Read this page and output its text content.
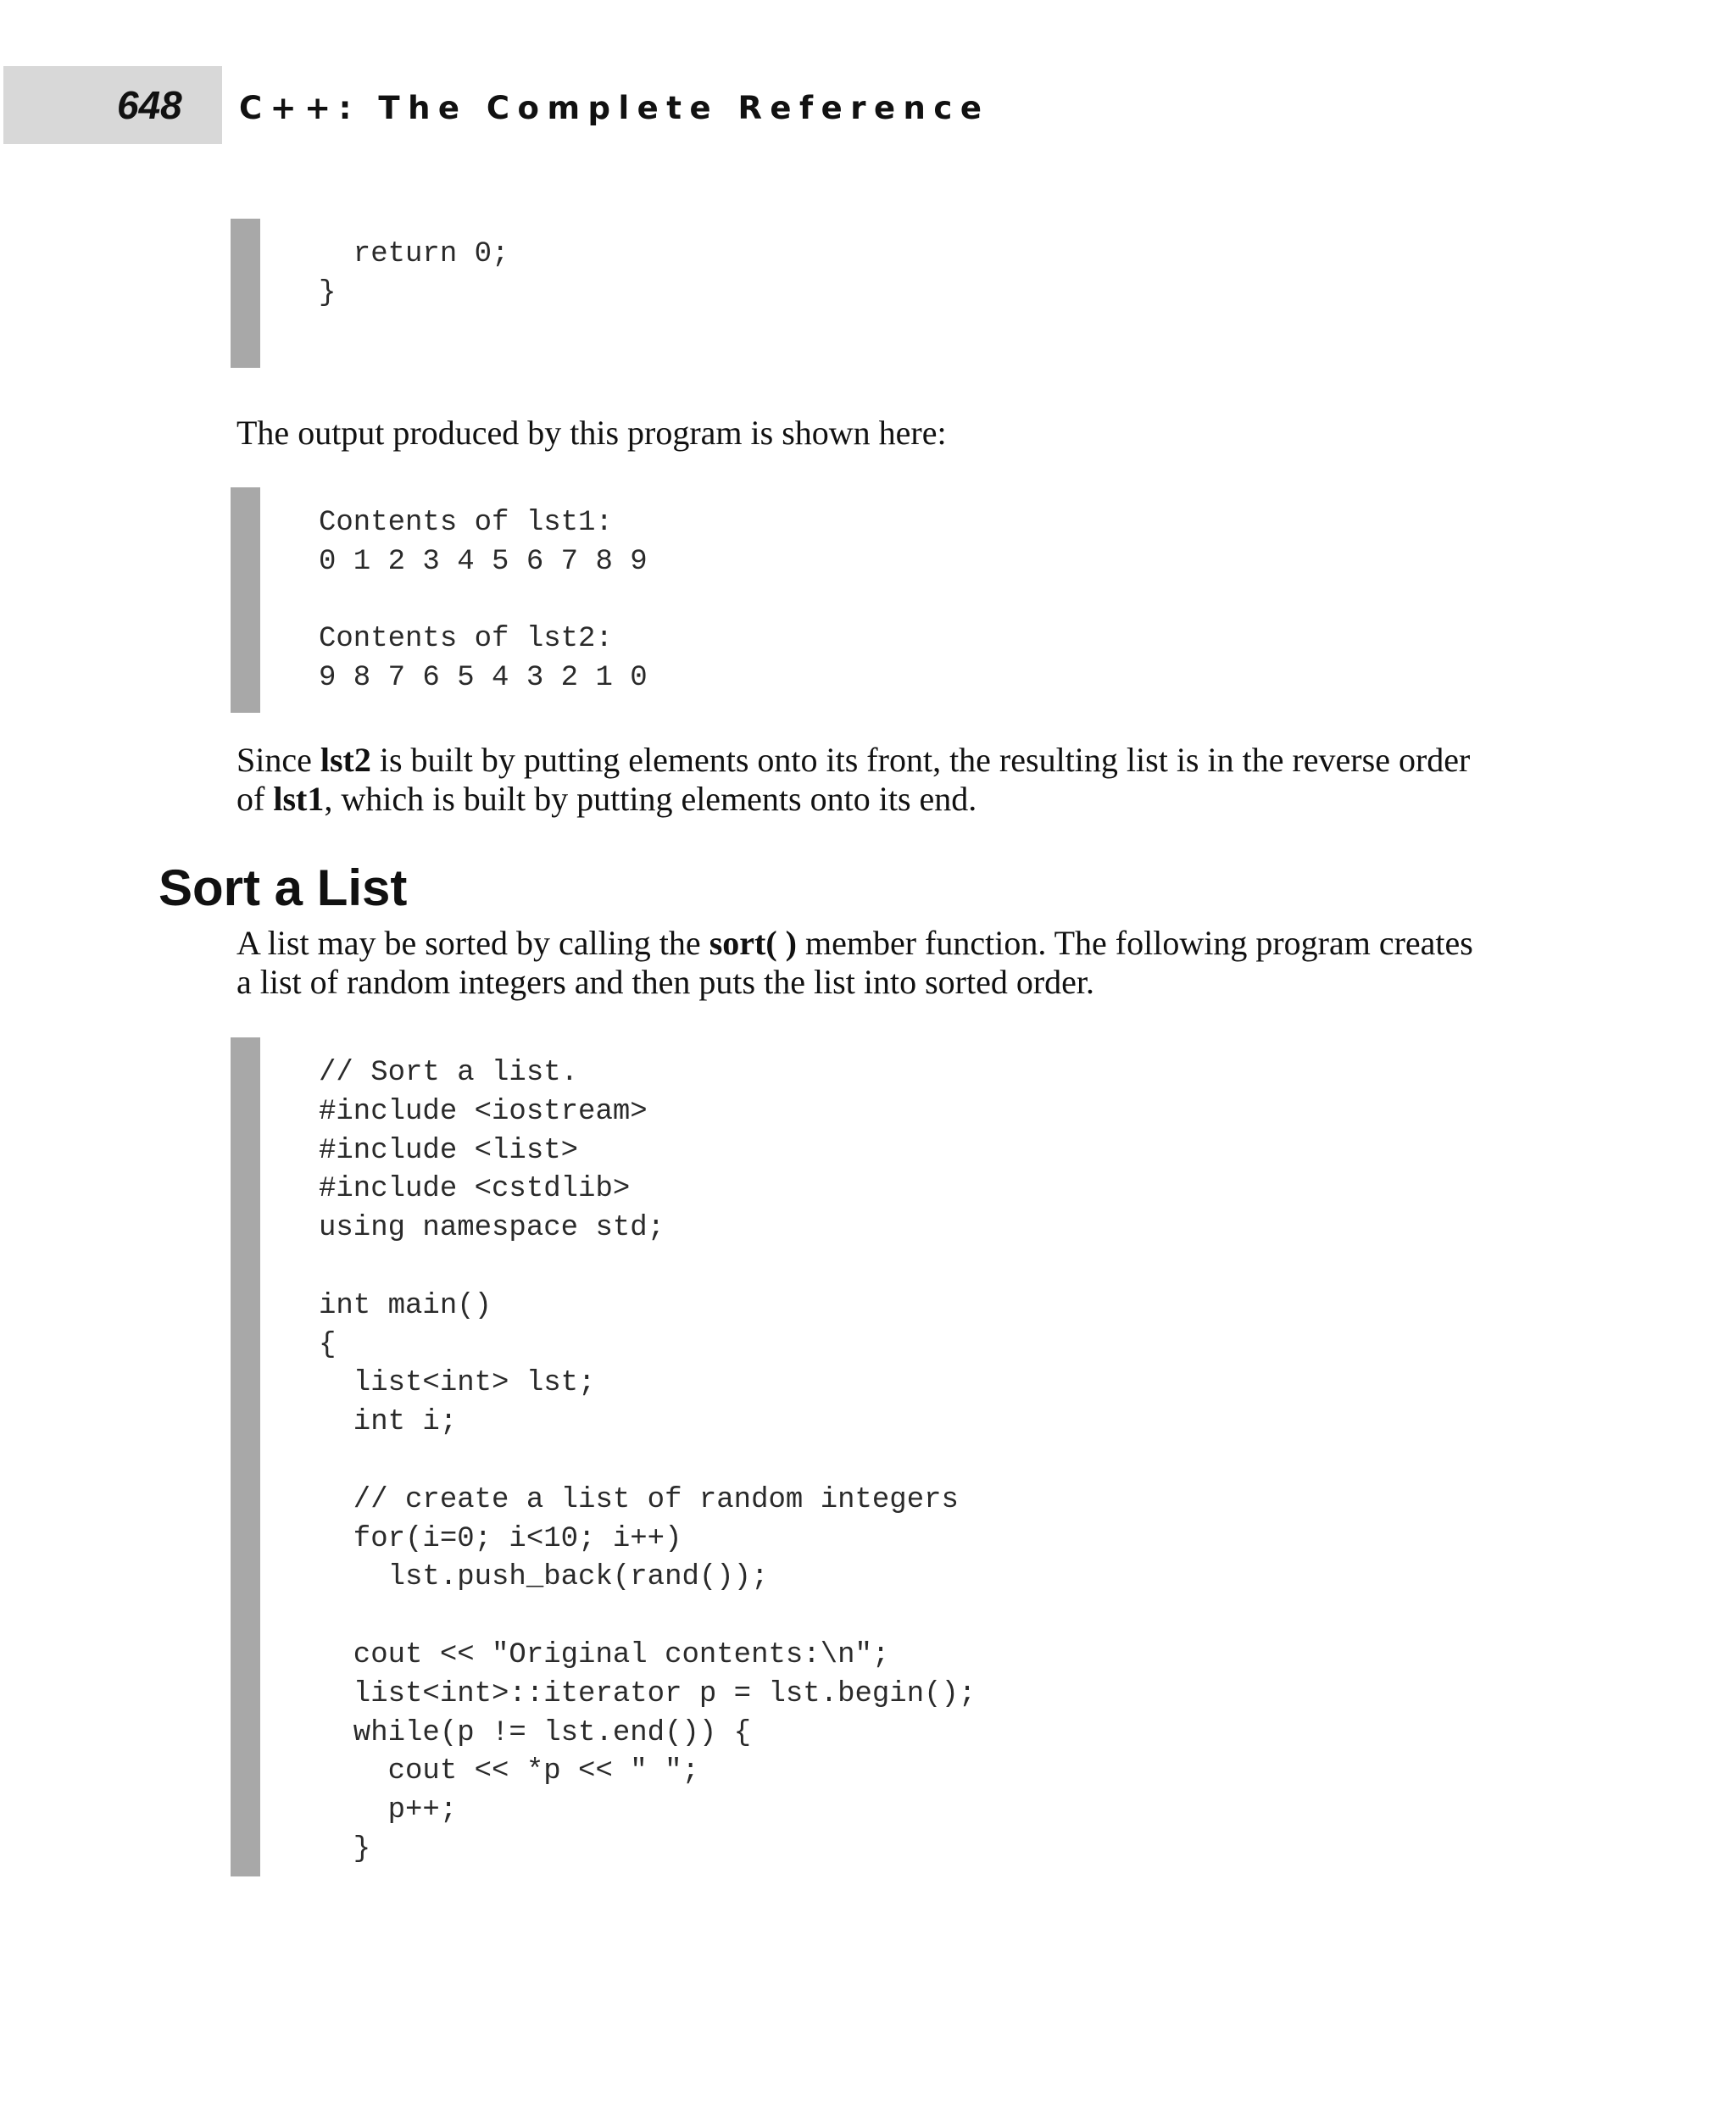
648 C++: The Complete Reference
return 0;
}

The output produced by this program is shown here:

Contents of lst1:
0 1 2 3 4 5 6 7 8 9
Contents of lst2:
9 8 7 6 5 4 3 2 1 0

Since lst2 is built by putting elements onto its front, the resulting list is in the reverse order of lst1, which is built by putting elements onto its end.

Sort a List

A list may be sorted by calling the sort( ) member function. The following program creates a list of random integers and then puts the list into sorted order.

// Sort a list.
#include <iostream>
#include <list>
#include <cstdlib>
using namespace std;
int main()
{
list<int> lst;
int i;
// create a list of random integers
for(i=0; i<10; i++)
lst.push_back(rand());
cout << "Original contents:\n";
list<int>::iterator p = lst.begin();
while(p != lst.end()) {
cout << *p << " ";
p++;
}
